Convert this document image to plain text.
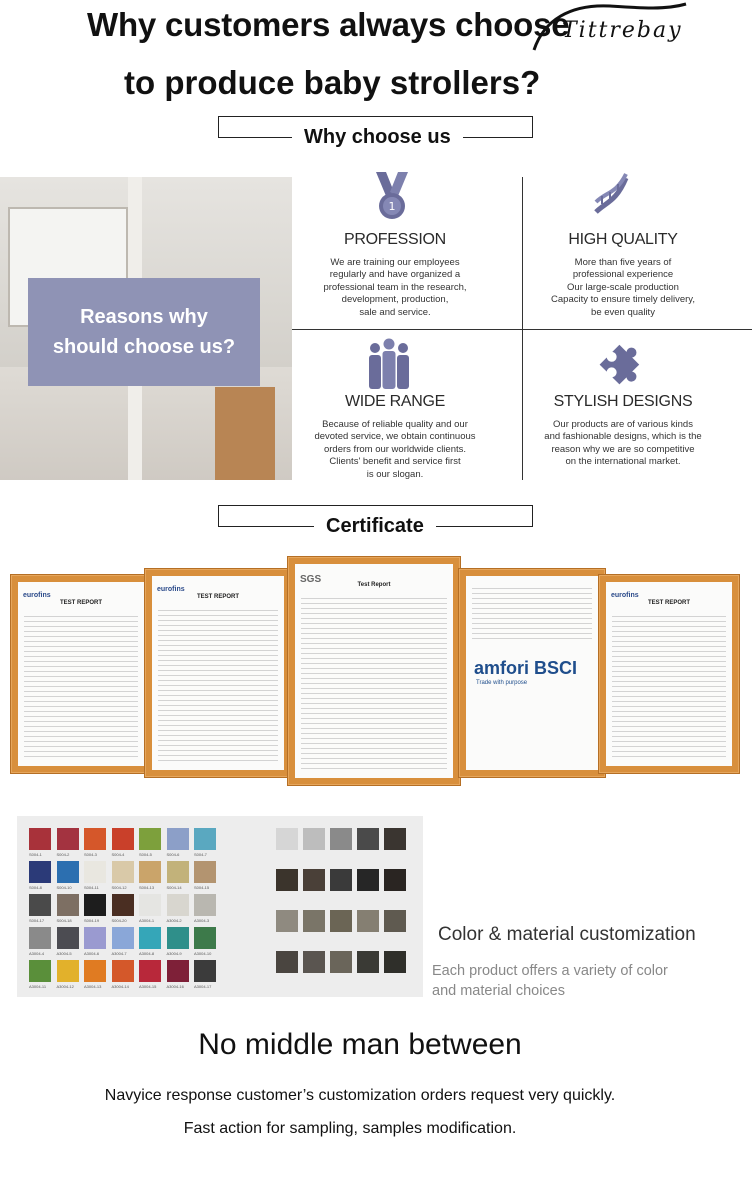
Why customers always choose
Tittrebay
to produce baby strollers?
Why choose us
Reasons why
should choose us?
1
PROFESSION
We are training our employees
regularly and have organized a
professional team in the research,
development, production,
sale and service.
HIGH QUALITY
More than five years of
professional experience
Our large-scale production
Capacity to ensure timely delivery,
be even quality
WIDE RANGE
Because of reliable quality and our
devoted service, we obtain continuous
orders from our worldwide clients.
Clients' benefit and service first
is our slogan.
STYLISH DESIGNS
Our products are of various kinds
and fashionable designs, which is the
reason why we are so competitive
on the international market.
Certificate
eurofins
TEST REPORT
eurofins
TEST REPORT
SGS	Test Report
amfori BSCI
Trade with purpose
eurofins
TEST REPORT
S004-1	S004-2	S004-3	S004-4	S004-5	S004-6	S004-7
S004-8	S004-10	S004-11	S004-12	S004-13	S004-14	S004-15
S004-17	S004-18	S004-19	S004-20	A3004-1	A3004-2	A3004-3
A3004-4	A3004-5	A3004-6	A3004-7	A3004-8	A3004-9	A3004-10
A3004-11	A3004-12	A3004-13	A3004-14	A3004-15	A3004-16	A3004-17
Color & material customization
Each product offers a variety of color
and material choices
No middle man between
Navyice response customer’s customization orders request very quickly.
Fast action for sampling, samples modification.
